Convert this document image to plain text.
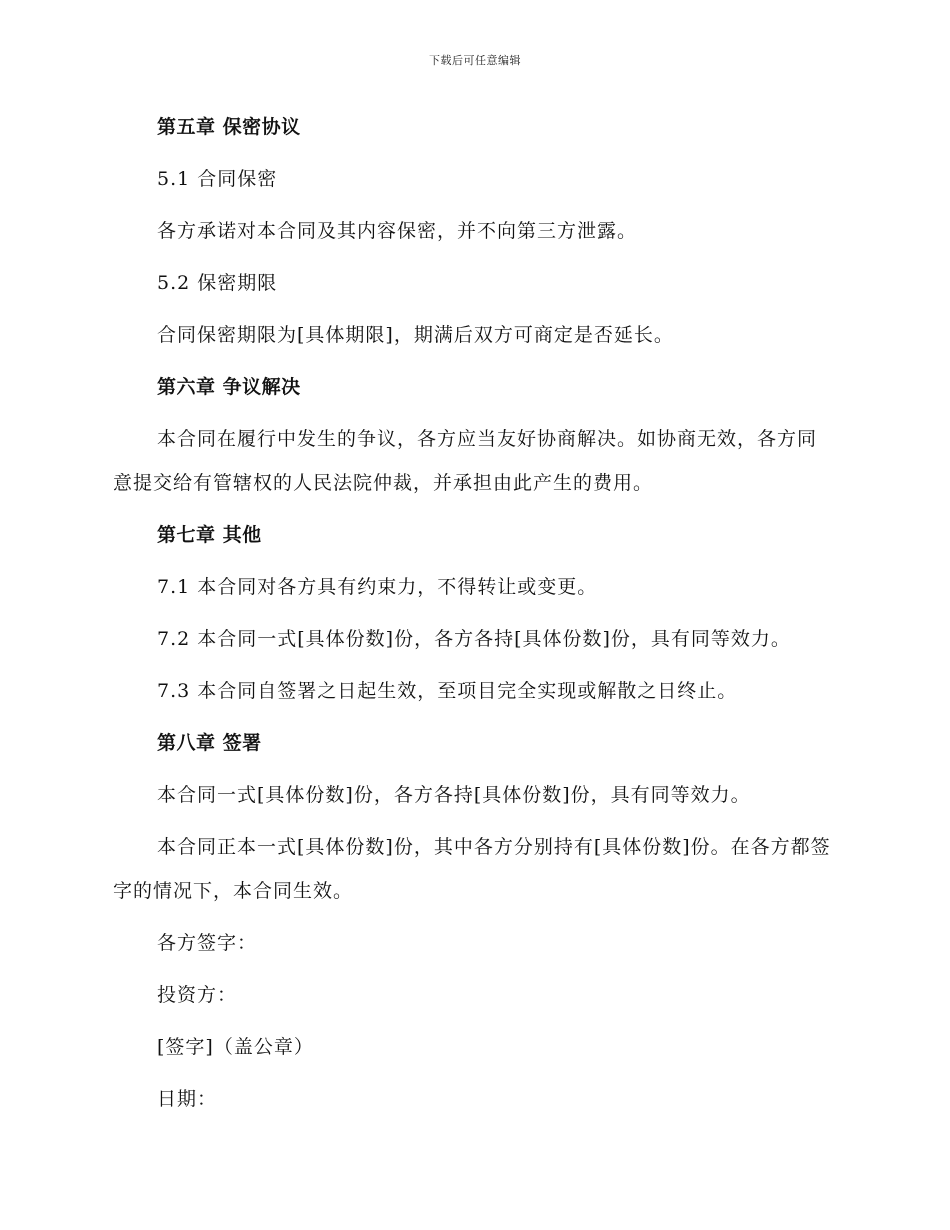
下载后可任意编辑
第五章 保密协议

5.1 合同保密

各方承诺对本合同及其内容保密，并不向第三方泄露。

5.2 保密期限

合同保密期限为[具体期限]，期满后双方可商定是否延长。

第六章 争议解决

本合同在履行中发生的争议，各方应当友好协商解决。如协商无效，各方同意提交给有管辖权的人民法院仲裁，并承担由此产生的费用。

第七章 其他

7.1 本合同对各方具有约束力，不得转让或变更。

7.2 本合同一式[具体份数]份，各方各持[具体份数]份，具有同等效力。

7.3 本合同自签署之日起生效，至项目完全实现或解散之日终止。

第八章 签署

本合同一式[具体份数]份，各方各持[具体份数]份，具有同等效力。

本合同正本一式[具体份数]份，其中各方分别持有[具体份数]份。在各方都签字的情况下，本合同生效。

各方签字：

投资方：

[签字]（盖公章）

日期：
